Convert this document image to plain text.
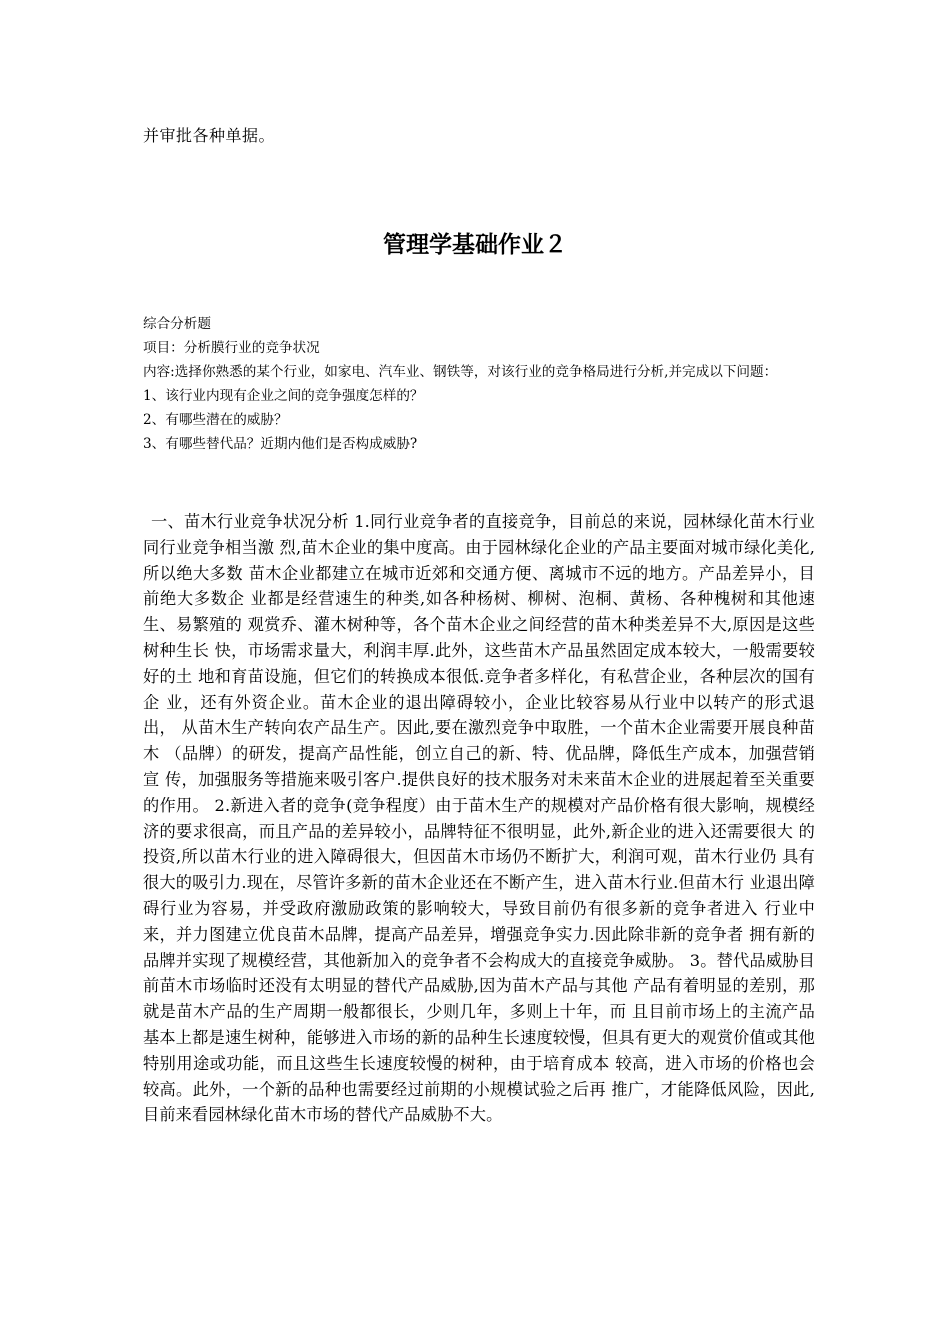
并审批各种单据。
管理学基础作业２

综合分析题

项目：分析膜行业的竞争状况

内容:选择你熟悉的某个行业，如家电、汽车业、钢铁等，对该行业的竞争格局进行分析,并完成以下问题：

1、该行业内现有企业之间的竞争强度怎样的？

2、有哪些潜在的威胁？

3、有哪些替代品？近期内他们是否构成威胁?

一、苗木行业竞争状况分析 1.同行业竞争者的直接竞争，目前总的来说，园林绿化苗木行业同行业竞争相当激 烈,苗木企业的集中度高。由于园林绿化企业的产品主要面对城市绿化美化,所以绝大多数 苗木企业都建立在城市近郊和交通方便、离城市不远的地方。产品差异小，目前绝大多数企 业都是经营速生的种类,如各种杨树、柳树、泡桐、黄杨、各种槐树和其他速生、易繁殖的 观赏乔、灌木树种等，各个苗木企业之间经营的苗木种类差异不大,原因是这些树种生长 快，市场需求量大，利润丰厚.此外，这些苗木产品虽然固定成本较大，一般需要较好的土 地和育苗设施，但它们的转换成本很低.竞争者多样化，有私营企业，各种层次的国有企 业，还有外资企业。苗木企业的退出障碍较小，企业比较容易从行业中以转产的形式退出， 从苗木生产转向农产品生产。因此,要在激烈竞争中取胜，一个苗木企业需要开展良种苗木 （品牌）的研发，提高产品性能，创立自己的新、特、优品牌，降低生产成本，加强营销宣 传，加强服务等措施来吸引客户.提供良好的技术服务对未来苗木企业的进展起着至关重要 的作用。 2.新进入者的竞争(竞争程度）由于苗木生产的规模对产品价格有很大影响，规模经 济的要求很高，而且产品的差异较小，品牌特征不很明显，此外,新企业的进入还需要很大 的投资,所以苗木行业的进入障碍很大，但因苗木市场仍不断扩大，利润可观，苗木行业仍 具有很大的吸引力.现在，尽管许多新的苗木企业还在不断产生，进入苗木行业.但苗木行 业退出障碍行业为容易，并受政府激励政策的影响较大，导致目前仍有很多新的竞争者进入 行业中来，并力图建立优良苗木品牌，提高产品差异，增强竞争实力.因此除非新的竞争者 拥有新的品牌并实现了规模经营，其他新加入的竞争者不会构成大的直接竞争威胁。 3。替代品威胁目前苗木市场临时还没有太明显的替代产品威胁,因为苗木产品与其他 产品有着明显的差别，那就是苗木产品的生产周期一般都很长，少则几年，多则上十年，而 且目前市场上的主流产品基本上都是速生树种，能够进入市场的新的品种生长速度较慢，但具有更大的观赏价值或其他特别用途或功能，而且这些生长速度较慢的树种，由于培育成本 较高，进入市场的价格也会较高。此外，一个新的品种也需要经过前期的小规模试验之后再 推广，才能降低风险，因此,目前来看园林绿化苗木市场的替代产品威胁不大。
